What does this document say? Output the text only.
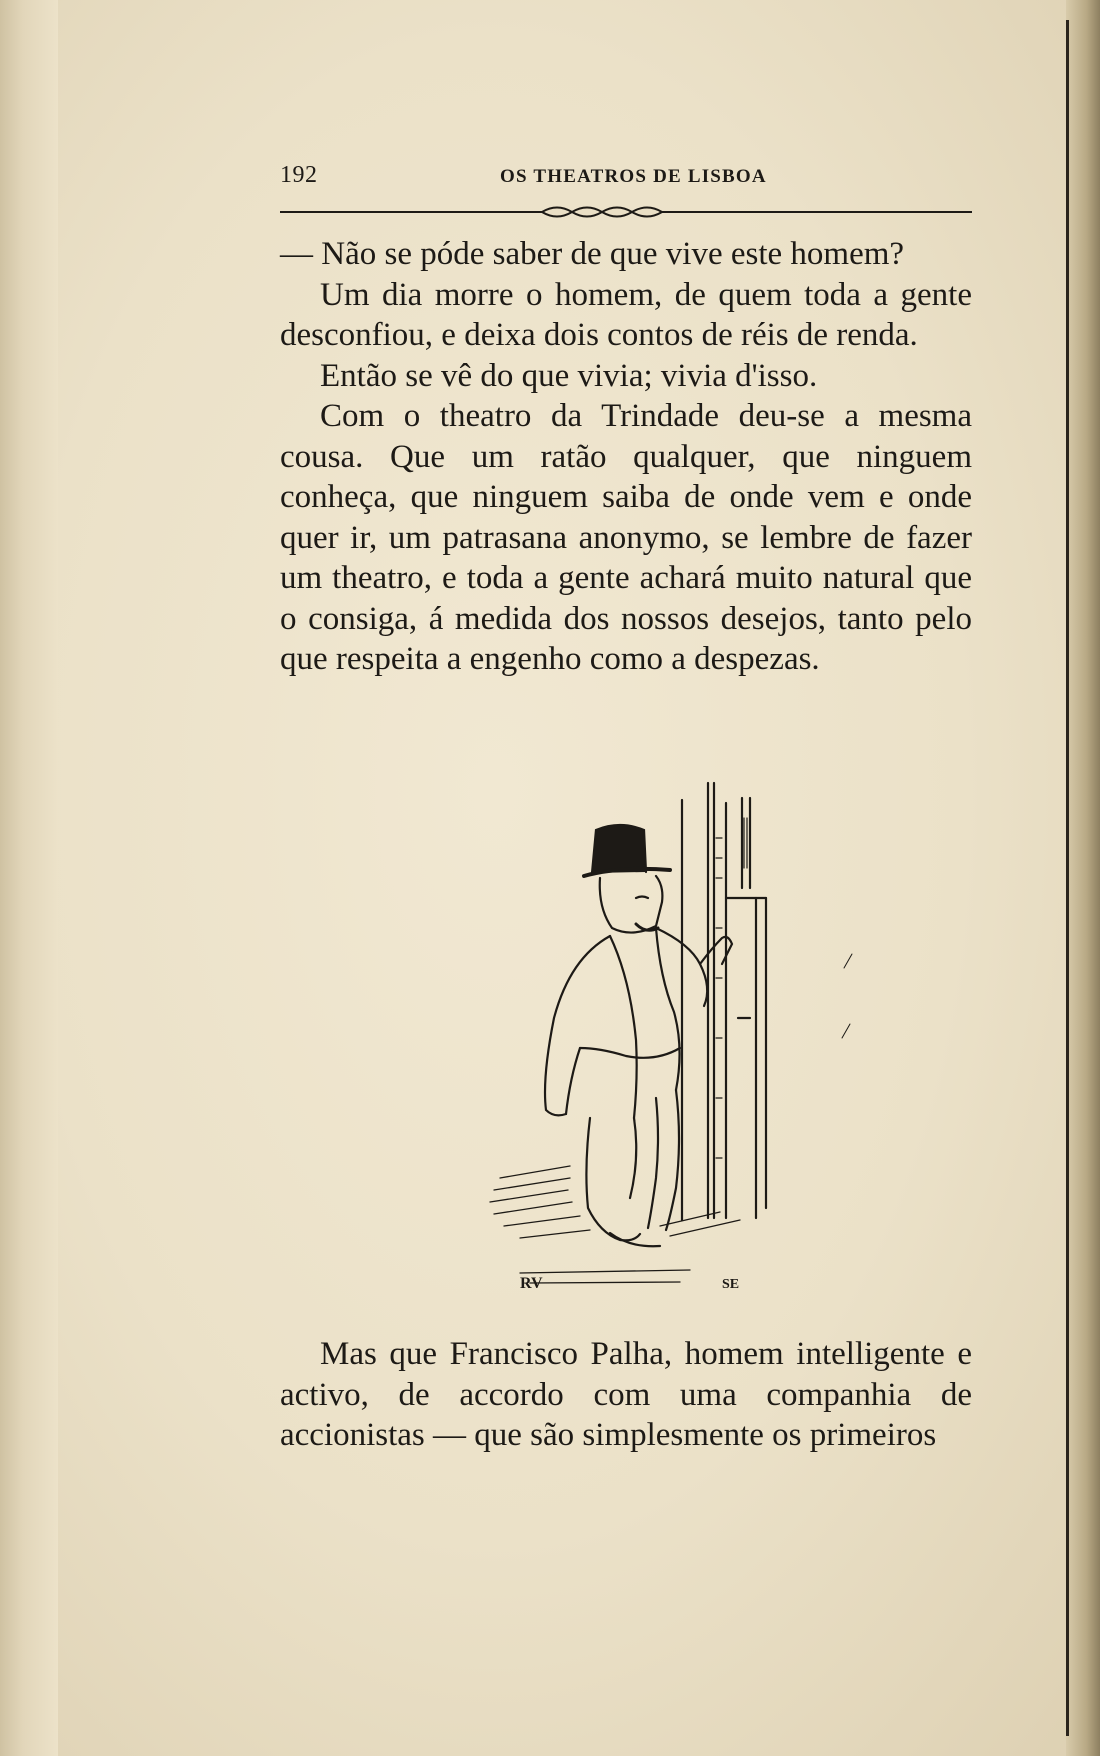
192	OS THEATROS DE LISBOA

— Não se póde saber de que vive este homem?

Um dia morre o homem, de quem toda a gente desconfiou, e deixa dois contos de réis de renda.

Então se vê do que vivia; vivia d'isso.

Com o theatro da Trindade deu-se a mesma cousa. Que um ratão qualquer, que ninguem conheça, que ninguem saiba de onde vem e onde quer ir, um patrasana anonymo, se lembre de fazer um theatro, e toda a gente achará muito natural que o consiga, á medida dos nossos desejos, tanto pelo que respeita a engenho como a despezas.

RV	SE

Mas que Francisco Palha, homem intelligente e activo, de accordo com uma companhia de accionistas — que são simplesmente os primeiros
